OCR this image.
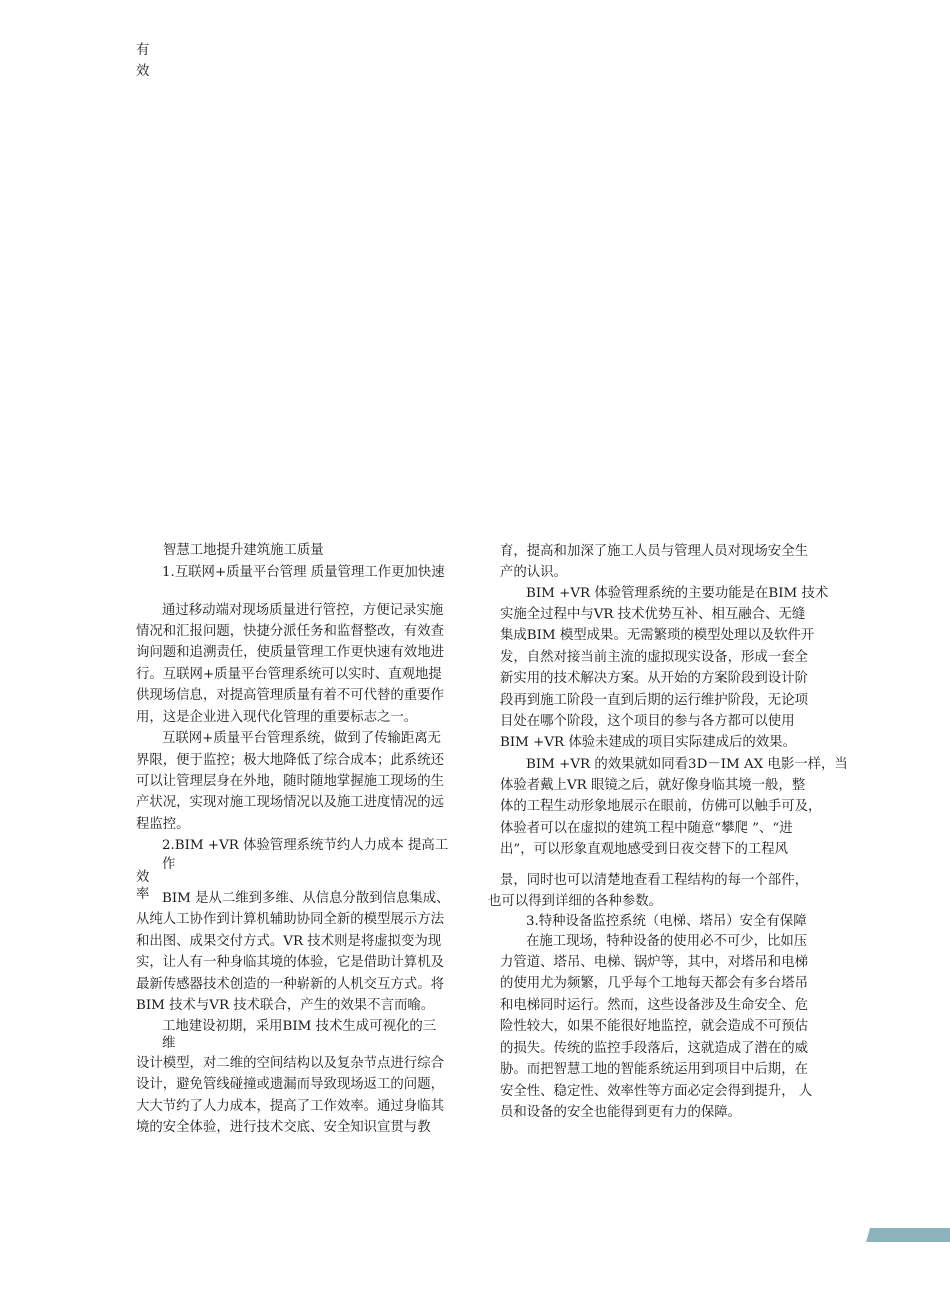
有效
智慧工地提升建筑施工质量
1.互联网+质量平台管理 质量管理工作更加快速
通过移动端对现场质量进行管控，方便记录实施
情况和汇报问题，快捷分派任务和监督整改，有效查
询问题和追溯责任，使质量管理工作更快速有效地进
行。互联网+质量平台管理系统可以实时、直观地提
供现场信息，对提高管理质量有着不可代替的重要作
用，这是企业进入现代化管理的重要标志之一。
互联网+质量平台管理系统，做到了传输距离无
界限，便于监控；极大地降低了综合成本；此系统还
可以让管理层身在外地，随时随地掌握施工现场的生
产状况，实现对施工现场情况以及施工进度情况的远
程监控。
2.BIM +VR 体验管理系统节约人力成本 提高工
作
效
率 BIM 是从二维到多维、从信息分散到信息集成、
从纯人工协作到计算机辅助协同全新的模型展示方法
和出图、成果交付方式。VR 技术则是将虚拟变为现
实，让人有一种身临其境的体验，它是借助计算机及
最新传感器技术创造的一种崭新的人机交互方式。将
BIM 技术与VR 技术联合，产生的效果不言而喻。
工地建设初期，采用BIM 技术生成可视化的三
维
设计模型，对二维的空间结构以及复杂节点进行综合
设计，避免管线碰撞或遗漏而导致现场返工的问题，
大大节约了人力成本，提高了工作效率。通过身临其
境的安全体验，进行技术交底、安全知识宣贯与教
育，提高和加深了施工人员与管理人员对现场安全生
产的认识。
BIM +VR 体验管理系统的主要功能是在BIM 技术
实施全过程中与VR 技术优势互补、相互融合、无缝
集成BIM 模型成果。无需繁琐的模型处理以及软件开
发，自然对接当前主流的虚拟现实设备，形成一套全
新实用的技术解决方案。从开始的方案阶段到设计阶
段再到施工阶段一直到后期的运行维护阶段，无论项
目处在哪个阶段，这个项目的参与各方都可以使用
BIM +VR 体验未建成的项目实际建成后的效果。
BIM +VR 的效果就如同看3D－IM AX 电影一样，当
体验者戴上VR 眼镜之后，就好像身临其境一般，整
体的工程生动形象地展示在眼前，仿佛可以触手可及，
体验者可以在虚拟的建筑工程中随意“攀爬 ”、“进
出”，可以形象直观地感受到日夜交替下的工程风
景，同时也可以清楚地查看工程结构的每一个部件，
也可以得到详细的各种参数。
3.特种设备监控系统（电梯、塔吊）安全有保障
在施工现场，特种设备的使用必不可少，比如压
力管道、塔吊、电梯、锅炉等，其中，对塔吊和电梯
的使用尤为频繁，几乎每个工地每天都会有多台塔吊
和电梯同时运行。然而，这些设备涉及生命安全、危
险性较大，如果不能很好地监控，就会造成不可预估
的损失。传统的监控手段落后，这就造成了潜在的威
胁。而把智慧工地的智能系统运用到项目中后期，在
安全性、稳定性、效率性等方面必定会得到提升， 人
员和设备的安全也能得到更有力的保障。
